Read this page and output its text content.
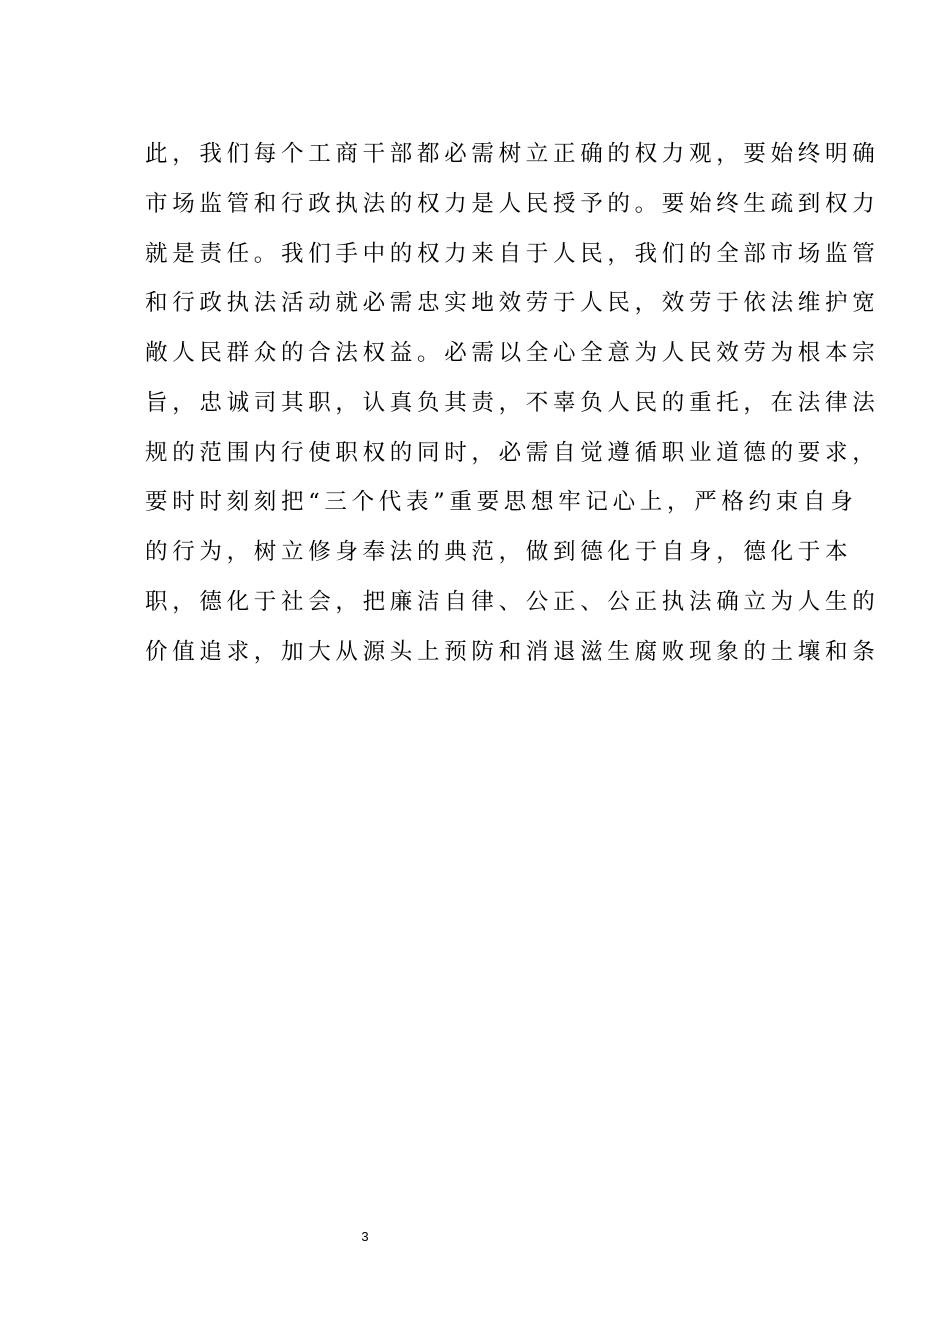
此，我们每个工商干部都必需树立正确的权力观，要始终明确
市场监管和行政执法的权力是人民授予的。要始终生疏到权力
就是责任。我们手中的权力来自于人民，我们的全部市场监管
和行政执法活动就必需忠实地效劳于人民，效劳于依法维护宽
敞人民群众的合法权益。必需以全心全意为人民效劳为根本宗
旨，忠诚司其职，认真负其责，不辜负人民的重托，在法律法
规的范围内行使职权的同时，必需自觉遵循职业道德的要求，
要时时刻刻把“三个代表”重要思想牢记心上，严格约束自身
的行为，树立修身奉法的典范，做到德化于自身，德化于本
职，德化于社会，把廉洁自律、公正、公正执法确立为人生的
价值追求，加大从源头上预防和消退滋生腐败现象的土壤和条
3
